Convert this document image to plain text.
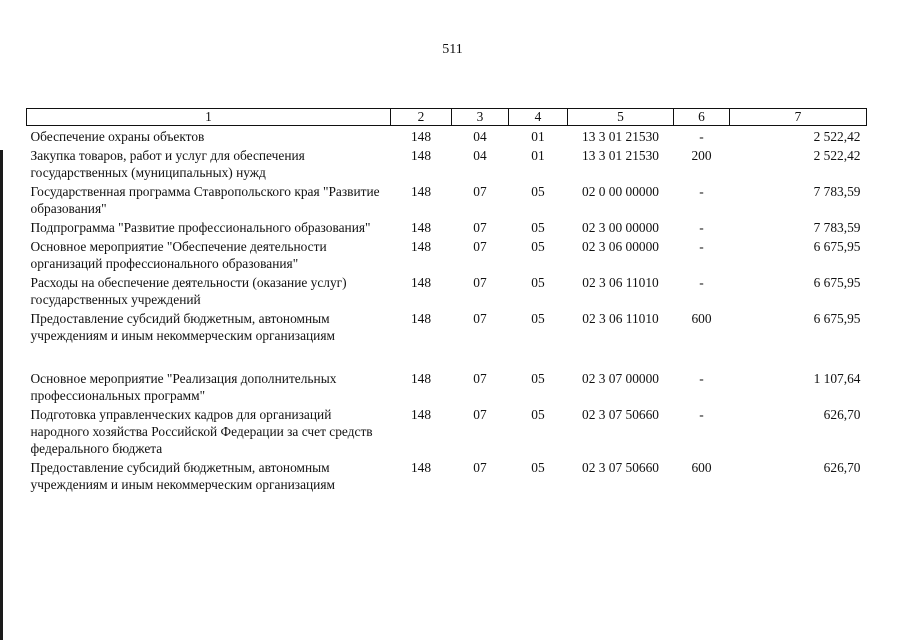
511
1	2	3	4	5	6	7
Обеспечение охраны объектов	148	04	01	13 3 01 21530	-	2 522,42
Закупка товаров, работ и услуг для обеспечения государственных (муниципальных) нужд	148	04	01	13 3 01 21530	200	2 522,42
Государственная программа Ставропольского края "Развитие образования"	148	07	05	02 0 00 00000	-	7 783,59
Подпрограмма "Развитие профессионального образования"	148	07	05	02 3 00 00000	-	7 783,59
Основное мероприятие "Обеспечение деятельности организаций профессионального образования"	148	07	05	02 3 06 00000	-	6 675,95
Расходы на обеспечение деятельности (оказание услуг) государственных учреждений	148	07	05	02 3 06 11010	-	6 675,95
Предоставление субсидий бюджетным, автономным учреждениям и иным некоммерческим организациям	148	07	05	02 3 06 11010	600	6 675,95

Основное мероприятие "Реализация дополнительных профессиональных программ"	148	07	05	02 3 07 00000	-	1 107,64
Подготовка управленческих кадров для организаций народного хозяйства Российской Федерации за счет средств федерального бюджета	148	07	05	02 3 07 50660	-	626,70
Предоставление субсидий бюджетным, автономным учреждениям и иным некоммерческим организациям	148	07	05	02 3 07 50660	600	626,70
